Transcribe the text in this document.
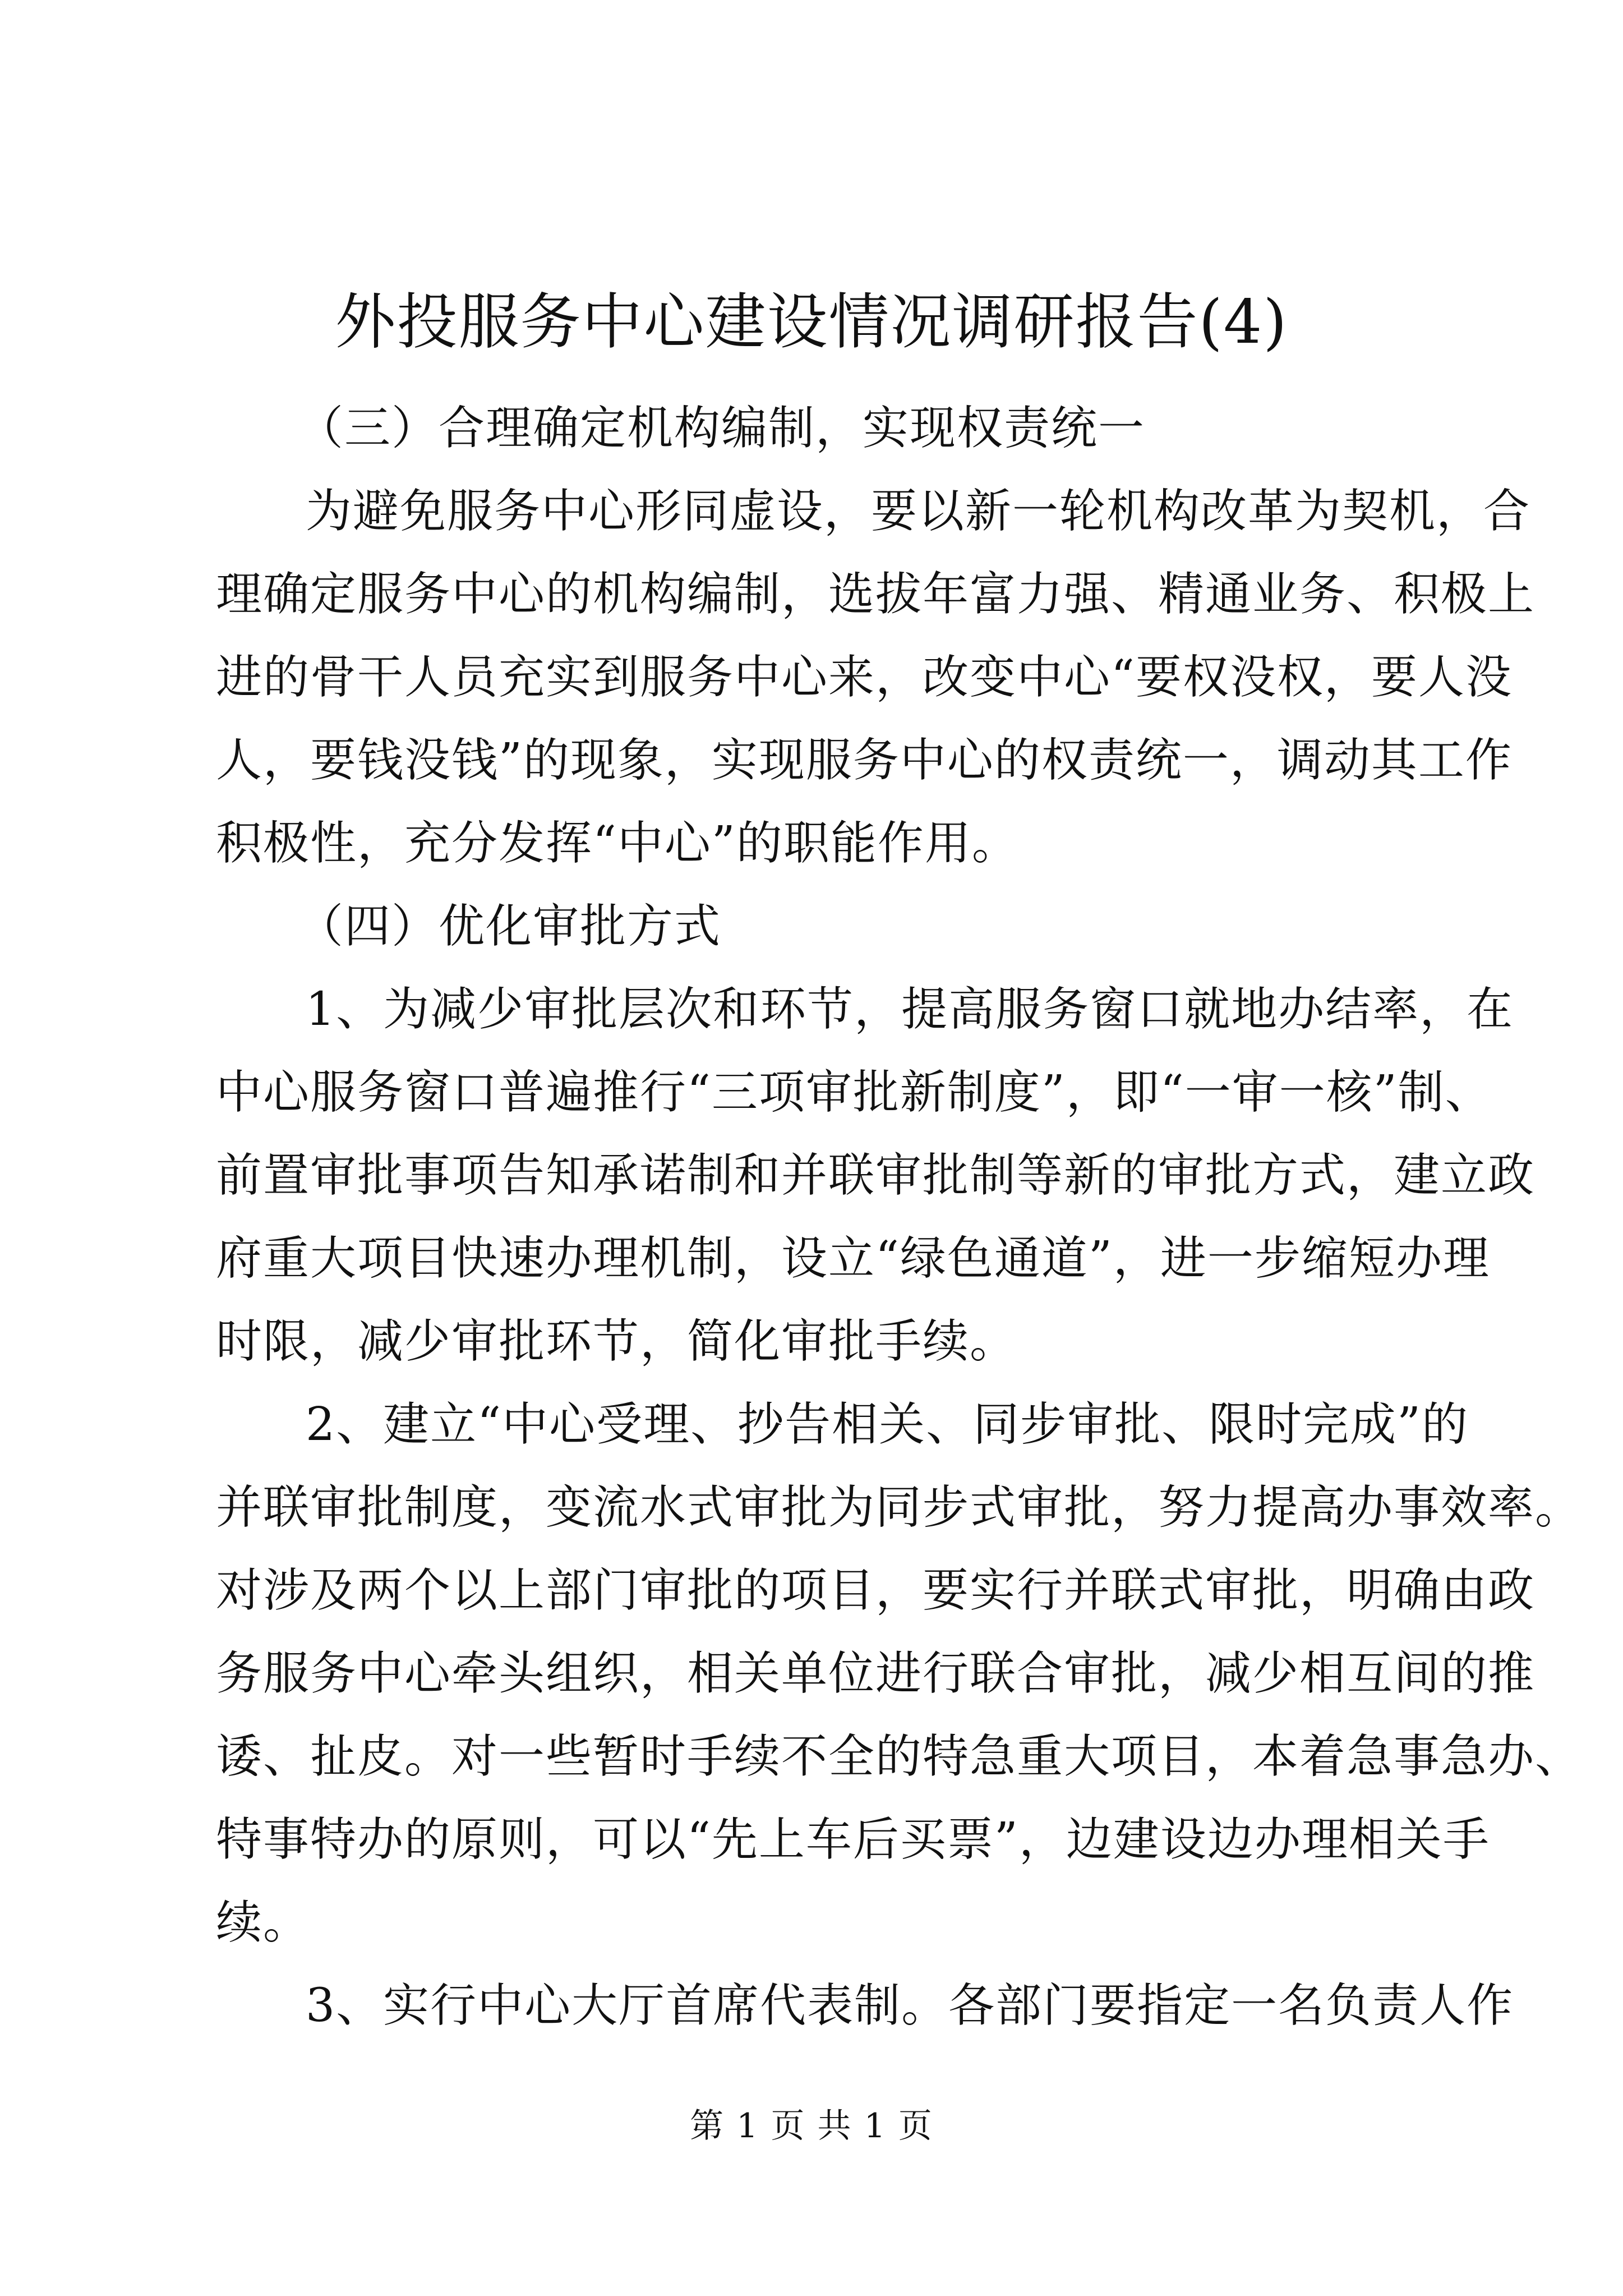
外投服务中心建设情况调研报告(4)
（三）合理确定机构编制，实现权责统一
为避免服务中心形同虚设，要以新一轮机构改革为契机，合
理确定服务中心的机构编制，选拔年富力强、精通业务、积极上
进的骨干人员充实到服务中心来，改变中心“要权没权，要人没
人，要钱没钱”的现象，实现服务中心的权责统一，调动其工作
积极性，充分发挥“中心”的职能作用。
（四）优化审批方式
1、为减少审批层次和环节，提高服务窗口就地办结率，在
中心服务窗口普遍推行“三项审批新制度”，即“一审一核”制、
前置审批事项告知承诺制和并联审批制等新的审批方式，建立政
府重大项目快速办理机制，设立“绿色通道”，进一步缩短办理
时限，减少审批环节，简化审批手续。
2、建立“中心受理、抄告相关、同步审批、限时完成”的
并联审批制度，变流水式审批为同步式审批，努力提高办事效率。
对涉及两个以上部门审批的项目，要实行并联式审批，明确由政
务服务中心牵头组织，相关单位进行联合审批，减少相互间的推
诿、扯皮。对一些暂时手续不全的特急重大项目，本着急事急办、
特事特办的原则，可以“先上车后买票”，边建设边办理相关手
续。
3、实行中心大厅首席代表制。各部门要指定一名负责人作
第 1 页 共 1 页
